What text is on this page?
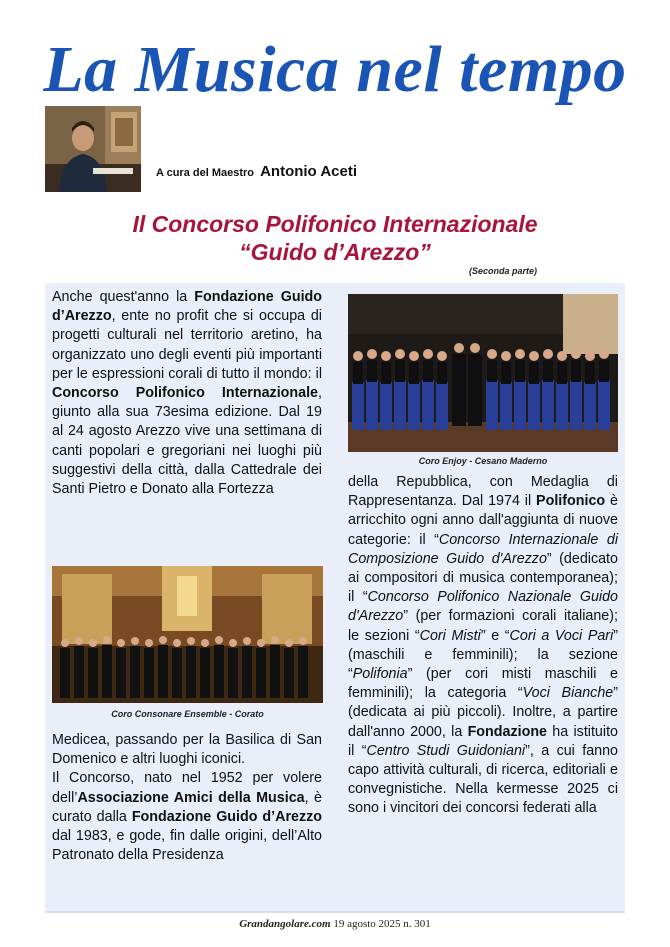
La Musica nel tempo
A cura del Maestro Antonio Aceti
Il Concorso Polifonico Internazionale
“Guido d’Arezzo”
(Seconda parte)

Anche quest'anno la Fondazione Guido d’Arezzo, ente no profit che si occupa di progetti culturali nel territorio aretino, ha organizzato uno degli eventi più importanti per le espressioni corali di tutto il mondo: il Concorso Polifonico Internazionale, giunto alla sua 73esima edizione. Dal 19 al 24 agosto Arezzo vive una settimana di canti popolari e gregoriani nei luoghi più suggestivi della città, dalla Cattedrale dei Santi Pietro e Donato alla Fortezza

Coro Consonare Ensemble - Corato

Medicea, passando per la Basilica di San Domenico e altri luoghi iconici.

Il Concorso, nato nel 1952 per volere dell’Associazione Amici della Musica, è curato dalla Fondazione Guido d’Arezzo dal 1983, e gode, fin dalle origini, dell’Alto Patronato della Presidenza

Coro Enjoy - Cesano Maderno

della Repubblica, con Medaglia di Rappresentanza. Dal 1974 il Polifonico è arricchito ogni anno dall'aggiunta di nuove categorie: il “Concorso Internazionale di Composizione Guido d'Arezzo” (dedicato ai compositori di musica contemporanea); il “Concorso Polifonico Nazionale Guido d'Arezzo” (per formazioni corali italiane); le sezioni “Cori Misti” e “Cori a Voci Pari” (maschili e femminili); la sezione “Polifonia” (per cori misti maschili e femminili); la categoria “Voci Bianche” (dedicata ai più piccoli). Inoltre, a partire dall'anno 2000, la Fondazione ha istituito il “Centro Studi Guidoniani”, a cui fanno capo attività culturali, di ricerca, editoriali e convegnistiche. Nella kermesse 2025 ci sono i vincitori dei concorsi federati alla

Grandangolare.com 19 agosto 2025 n. 301
